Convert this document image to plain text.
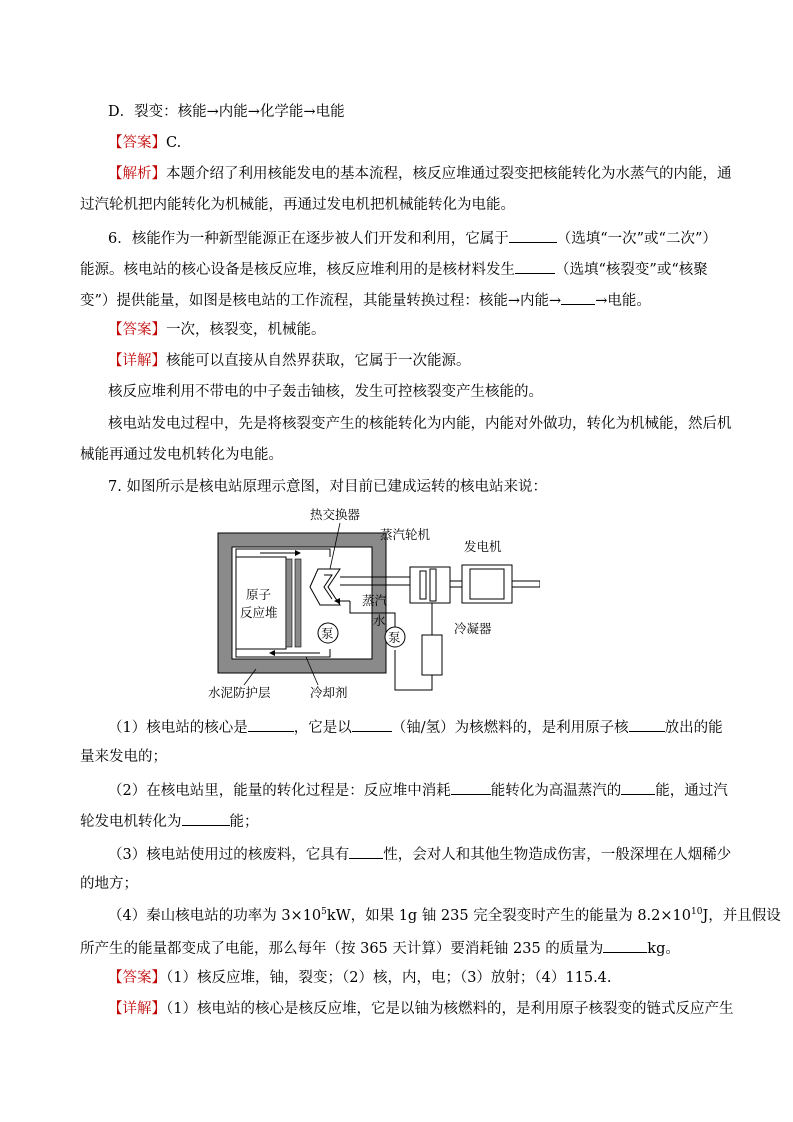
D．裂变：核能→内能→化学能→电能
【答案】C.
【解析】本题介绍了利用核能发电的基本流程，核反应堆通过裂变把核能转化为水蒸气的内能，通
过汽轮机把内能转化为机械能，再通过发电机把机械能转化为电能。
6．核能作为一种新型能源正在逐步被人们开发和利用，它属于	（选填“一次”或“二次”）
能源。核电站的核心设备是核反应堆，核反应堆利用的是核材料发生	（选填“核裂变”或“核聚
变”）提供能量，如图是核电站的工作流程，其能量转换过程：核能→内能→ →电能。
【答案】一次，核裂变，机械能。
【详解】核能可以直接从自然界获取，它属于一次能源。
核反应堆利用不带电的中子轰击铀核，发生可控核裂变产生核能的。
核电站发电过程中，先是将核裂变产生的核能转化为内能，内能对外做功，转化为机械能，然后机
械能再通过发电机转化为电能。
7. 如图所示是核电站原理示意图，对目前已建成运转的核电站来说：
热交换器
蒸汽轮机
发电机
原子
反应堆
蒸汽
水
泵	泵
冷凝器
水泥防护层	冷却剂
（1）核电站的核心是	，它是以	（铀/氢）为核燃料的，是利用原子核 放出的能
量来发电的；
（2）在核电站里，能量的转化过程是：反应堆中消耗	能转化为高温蒸汽的 能，通过汽
轮发电机转化为	能；
（3）核电站使用过的核废料，它具有 性，会对人和其他生物造成伤害，一般深埋在人烟稀少
的地方；
（4）秦山核电站的功率为 $3\times 10^5kW$，如果 1g 铀 235 完全裂变时产生的能量为 $8.2\times 10^{10}J$，并且假设
所产生的能量都变成了电能，那么每年（按 365 天计算）要消耗铀 235 的质量为	kg。
【答案】（1）核反应堆，铀，裂变；（2）核，内，电；（3）放射；（4）115.4.
【详解】（1）核电站的核心是核反应堆，它是以铀为核燃料的，是利用原子核裂变的链式反应产生
